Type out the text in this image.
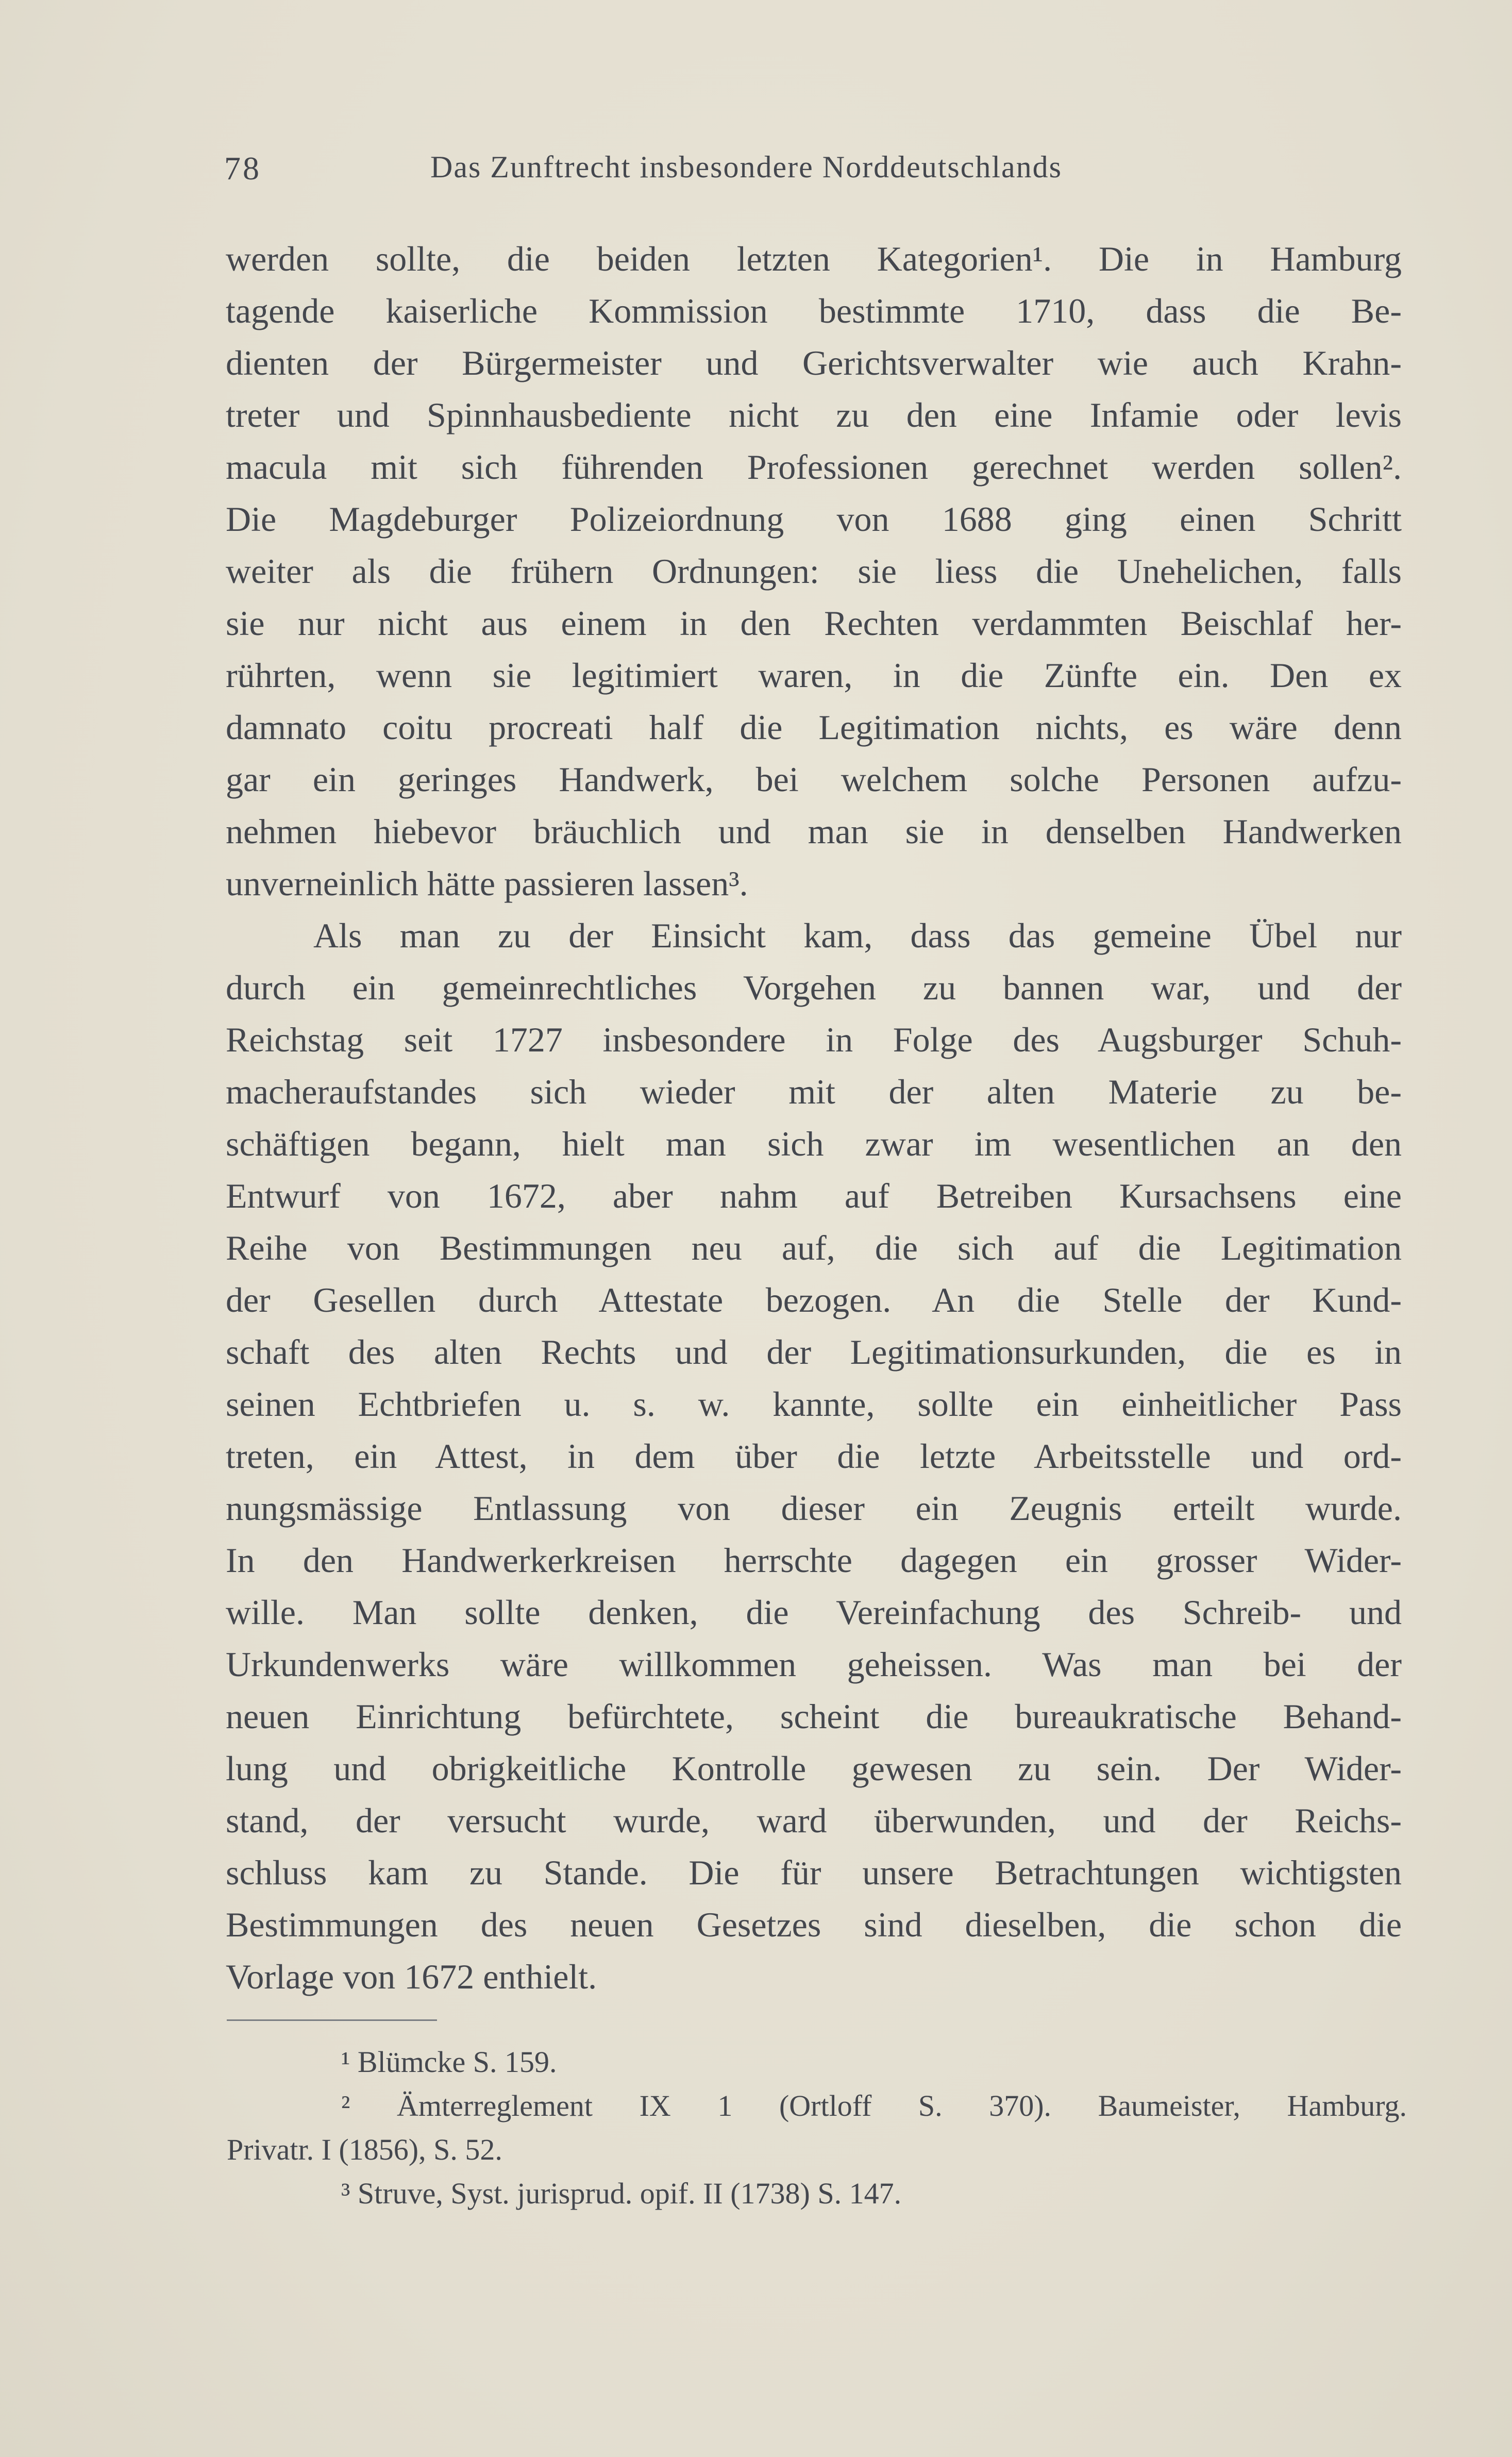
78	Das Zunftrecht insbesondere Norddeutschlands
werden sollte, die beiden letzten Kategorien¹. Die in Hamburg
tagende kaiserliche Kommission bestimmte 1710, dass die Be-
dienten der Bürgermeister und Gerichtsverwalter wie auch Krahn-
treter und Spinnhausbediente nicht zu den eine Infamie oder levis
macula mit sich führenden Professionen gerechnet werden sollen².
Die Magdeburger Polizeiordnung von 1688 ging einen Schritt
weiter als die frühern Ordnungen: sie liess die Unehelichen, falls
sie nur nicht aus einem in den Rechten verdammten Beischlaf her-
rührten, wenn sie legitimiert waren, in die Zünfte ein. Den ex
damnato coitu procreati half die Legitimation nichts, es wäre denn
gar ein geringes Handwerk, bei welchem solche Personen aufzu-
nehmen hiebevor bräuchlich und man sie in denselben Handwerken
unverneinlich hätte passieren lassen³.
Als man zu der Einsicht kam, dass das gemeine Übel nur
durch ein gemeinrechtliches Vorgehen zu bannen war, und der
Reichstag seit 1727 insbesondere in Folge des Augsburger Schuh-
macheraufstandes sich wieder mit der alten Materie zu be-
schäftigen begann, hielt man sich zwar im wesentlichen an den
Entwurf von 1672, aber nahm auf Betreiben Kursachsens eine
Reihe von Bestimmungen neu auf, die sich auf die Legitimation
der Gesellen durch Attestate bezogen. An die Stelle der Kund-
schaft des alten Rechts und der Legitimationsurkunden, die es in
seinen Echtbriefen u. s. w. kannte, sollte ein einheitlicher Pass
treten, ein Attest, in dem über die letzte Arbeitsstelle und ord-
nungsmässige Entlassung von dieser ein Zeugnis erteilt wurde.
In den Handwerkerkreisen herrschte dagegen ein grosser Wider-
wille. Man sollte denken, die Vereinfachung des Schreib- und
Urkundenwerks wäre willkommen geheissen. Was man bei der
neuen Einrichtung befürchtete, scheint die bureaukratische Behand-
lung und obrigkeitliche Kontrolle gewesen zu sein. Der Wider-
stand, der versucht wurde, ward überwunden, und der Reichs-
schluss kam zu Stande. Die für unsere Betrachtungen wichtigsten
Bestimmungen des neuen Gesetzes sind dieselben, die schon die
Vorlage von 1672 enthielt.
¹ Blümcke S. 159.
² Ämterreglement IX 1 (Ortloff S. 370). Baumeister, Hamburg.
Privatr. I (1856), S. 52.
³ Struve, Syst. jurisprud. opif. II (1738) S. 147.
